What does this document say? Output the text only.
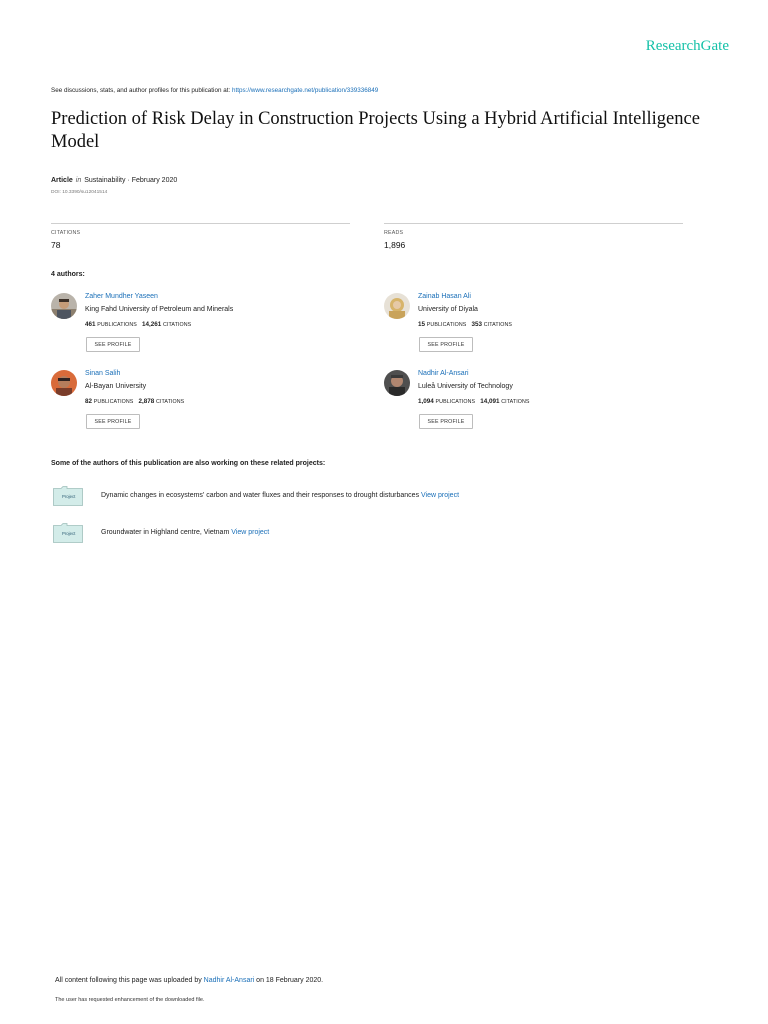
ResearchGate
See discussions, stats, and author profiles for this publication at: https://www.researchgate.net/publication/339336849
Prediction of Risk Delay in Construction Projects Using a Hybrid Artificial Intelligence Model
Article in Sustainability · February 2020
DOI: 10.3390/su12041514
CITATIONS
78
READS
1,896
4 authors:
Zaher Mundher Yaseen
King Fahd University of Petroleum and Minerals
461 PUBLICATIONS 14,261 CITATIONS
SEE PROFILE
Zainab Hasan Ali
University of Diyala
15 PUBLICATIONS 353 CITATIONS
SEE PROFILE
Sinan Salih
Al-Bayan University
82 PUBLICATIONS 2,878 CITATIONS
SEE PROFILE
Nadhir Al-Ansari
Luleå University of Technology
1,094 PUBLICATIONS 14,091 CITATIONS
SEE PROFILE
Some of the authors of this publication are also working on these related projects:
Project	Dynamic changes in ecosystems' carbon and water fluxes and their responses to drought disturbances View project
Project	Groundwater in Highland centre, Vietnam View project
All content following this page was uploaded by Nadhir Al-Ansari on 18 February 2020.
The user has requested enhancement of the downloaded file.
